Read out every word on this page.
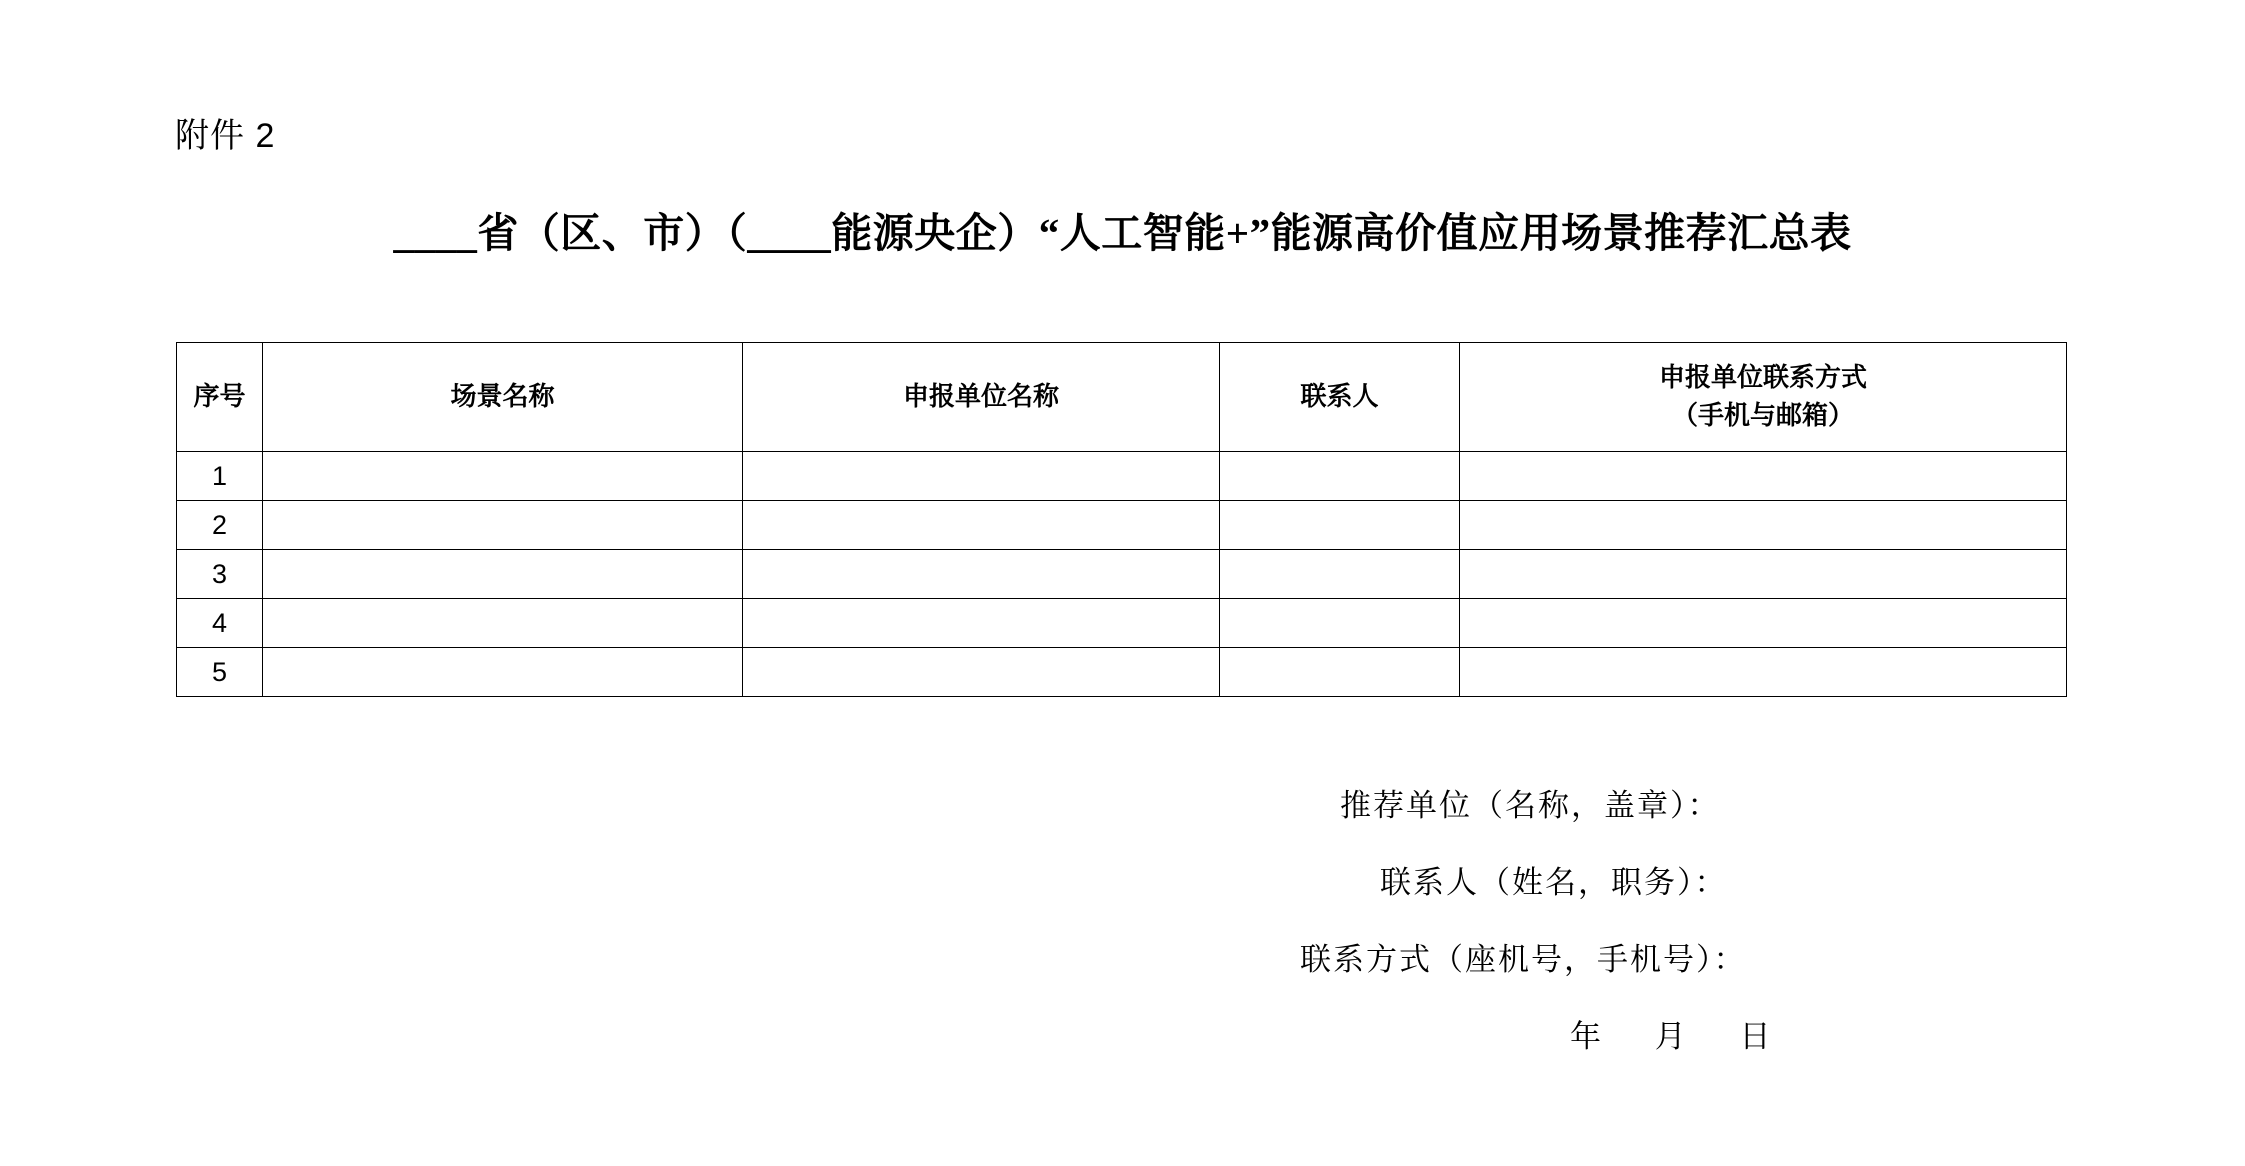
附件 2
____省（区、市）（____能源央企）“人工智能+”能源高价值应用场景推荐汇总表
序号	场景名称	申报单位名称	联系人	申报单位联系方式
（手机与邮箱）

1				
2				
3				
4				
5				
推荐单位（名称，盖章）：
联系人（姓名，职务）：
联系方式（座机号，手机号）：
年 月 日
